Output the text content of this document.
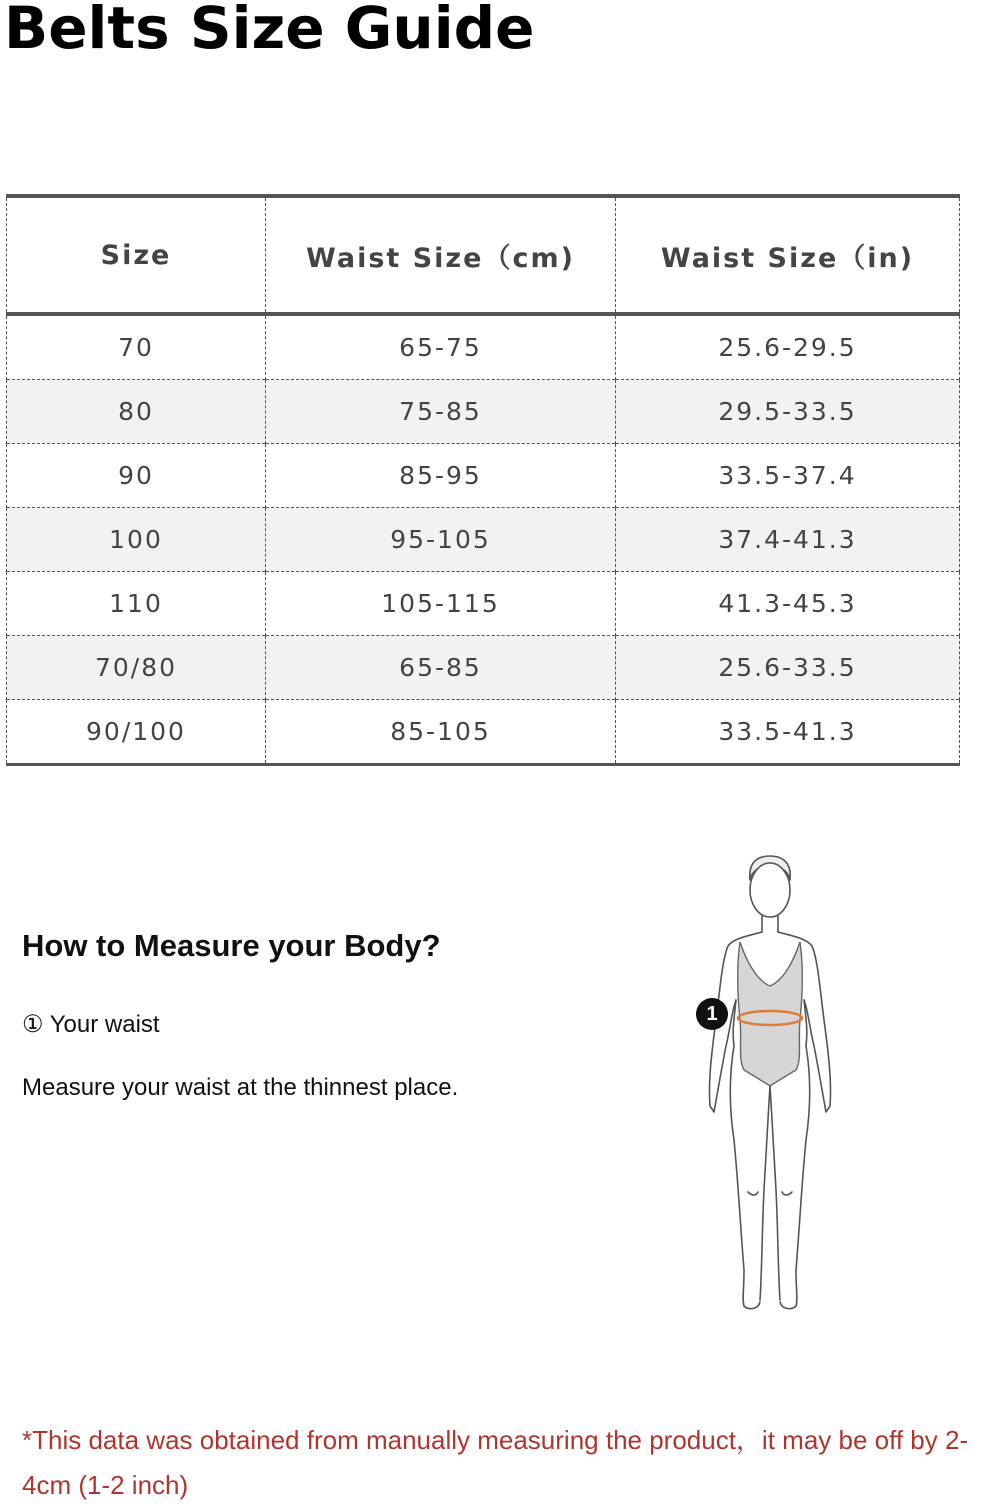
Belts Size Guide
Size	Waist Size（cm)	Waist Size（in)
70	65-75	25.6-29.5
80	75-85	29.5-33.5
90	85-95	33.5-37.4
100	95-105	37.4-41.3
110	105-115	41.3-45.3
70/80	65-85	25.6-33.5
90/100	85-105	33.5-41.3
How to Measure your Body?
① Your waist
Measure your waist at the thinnest place.
1
*This data was obtained from manually measuring the product，it may be off by 2-4cm (1-2 inch)
